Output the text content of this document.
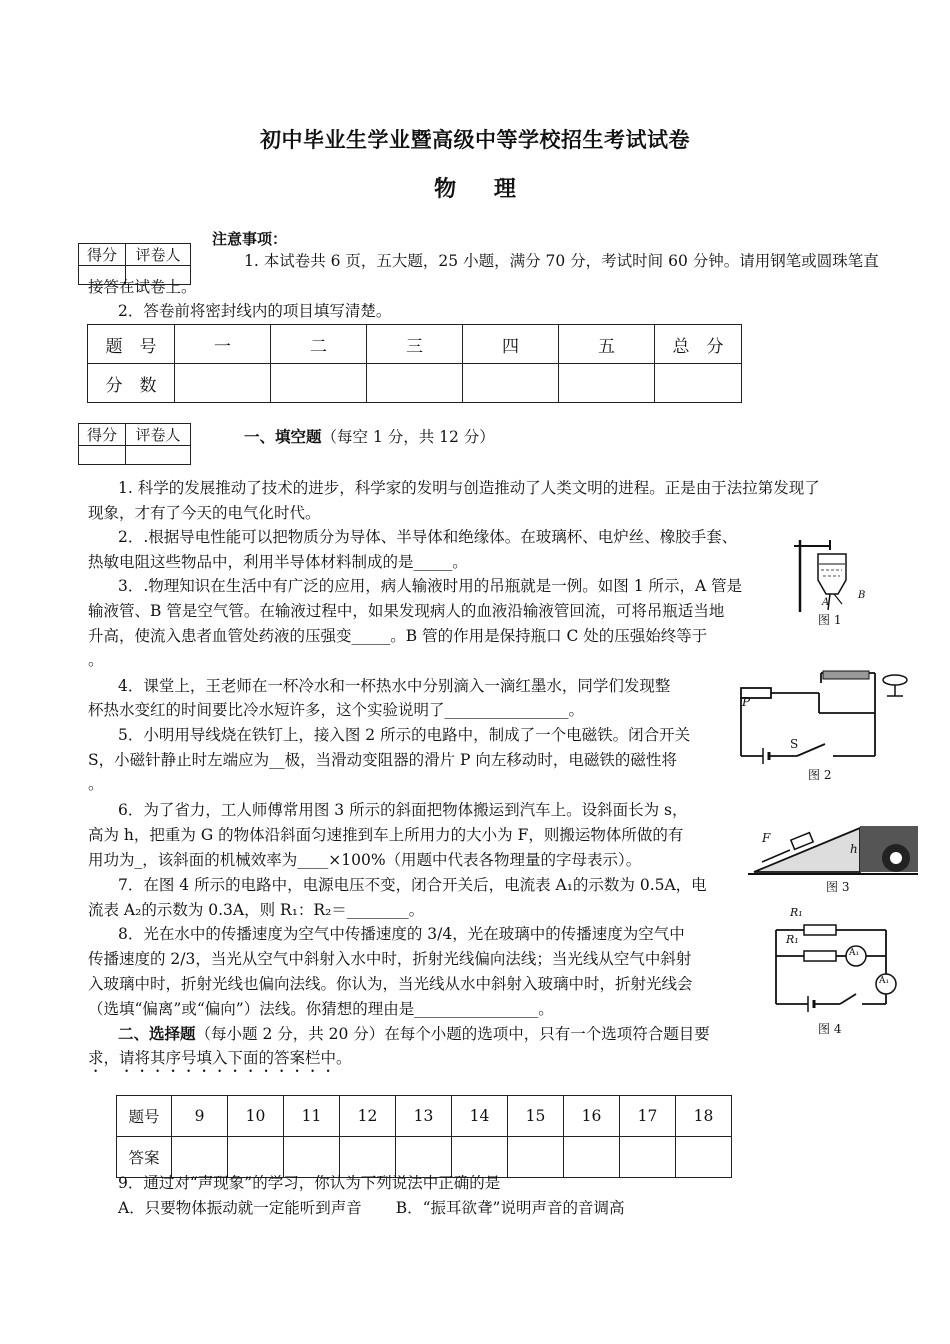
初中毕业生学业暨高级中等学校招生考试试卷
物 理
得分	评卷人

注意事项：
1. 本试卷共 6 页，五大题，25 小题，满分 70 分，考试时间 60 分钟。请用钢笔或圆珠笔直
接答在试卷上。
2．答卷前将密封线内的项目填写清楚。
题　号	一	二	三	四	五	总　分
分　数						
得分	评卷人
		一、填空题（每空 1 分，共 12 分）
1. 科学的发展推动了技术的进步，科学家的发明与创造推动了人类文明的进程。正是由于法拉第发现了
现象，才有了今天的电气化时代。
2．.根据导电性能可以把物质分为导体、半导体和绝缘体。在玻璃杯、电炉丝、橡胶手套、
热敏电阻这些物品中，利用半导体材料制成的是_____。
3．.物理知识在生活中有广泛的应用，病人输液时用的吊瓶就是一例。如图 1 所示，A 管是
输液管、B 管是空气管。在输液过程中，如果发现病人的血液沿输液管回流，可将吊瓶适当地
升高，使流入患者血管处药液的压强变_____。B 管的作用是保持瓶口 C 处的压强始终等于
。
4．课堂上，王老师在一杯冷水和一杯热水中分别滴入一滴红墨水，同学们发现整
杯热水变红的时间要比冷水短许多，这个实验说明了________________。
5．小明用导线烧在铁钉上，接入图 2 所示的电路中，制成了一个电磁铁。闭合开关
S，小磁针静止时左端应为__极，当滑动变阻器的滑片 P 向左移动时，电磁铁的磁性将
。
6．为了省力，工人师傅常用图 3 所示的斜面把物体搬运到汽车上。设斜面长为 s，
高为 h，把重为 G 的物体沿斜面匀速推到车上所用力的大小为 F，则搬运物体所做的有
用功为_，该斜面的机械效率为____×100%（用题中代表各物理量的字母表示）。
7．在图 4 所示的电路中，电源电压不变，闭合开关后，电流表 A₁的示数为 0.5A，电
流表 A₂的示数为 0.3A，则 R₁：R₂＝________。
8．光在水中的传播速度为空气中传播速度的 3/4，光在玻璃中的传播速度为空气中
传播速度的 2/3，当光从空气中斜射入水中时，折射光线偏向法线；当光线从空气中斜射
入玻璃中时，折射光线也偏向法线。你认为，当光线从水中斜射入玻璃中时，折射光线会
（选填“偏离”或“偏向”）法线。你猜想的理由是________________。
二、选择题（每小题 2 分，共 20 分）在每个小题的选项中，只有一个选项符合题目要
求，请将其序号填入下面的答案栏中。
题号	9	10	11	12	13	14	15	16	17	18
答案										
9．通过对“声现象”的学习，你认为下列说法中正确的是
A．只要物体振动就一定能听到声音 B．“振耳欲聋”说明声音的音调高
A
B
图 1
P
S
图 2
F
h
图 3
R₁
R₁
A₁
A₁
图 4
